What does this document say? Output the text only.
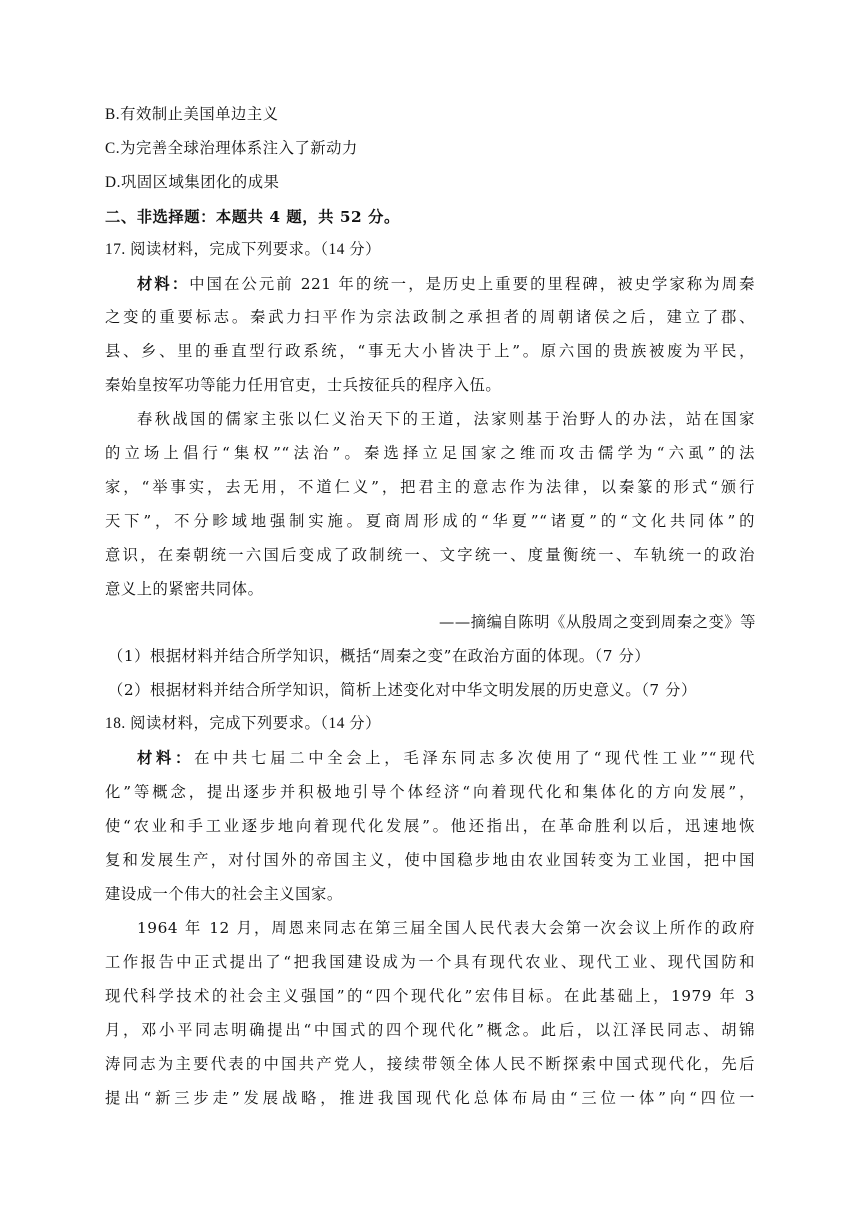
B.有效制止美国单边主义
C.为完善全球治理体系注入了新动力
D.巩固区域集团化的成果
二、非选择题：本题共 4 题，共 52 分。
17. 阅读材料，完成下列要求。（14 分）
材料：中国在公元前 221 年的统一，是历史上重要的里程碑，被史学家称为周秦
之变的重要标志。秦武力扫平作为宗法政制之承担者的周朝诸侯之后，建立了郡、
县、乡、里的垂直型行政系统，“事无大小皆决于上”。原六国的贵族被废为平民，
秦始皇按军功等能力任用官吏，士兵按征兵的程序入伍。
春秋战国的儒家主张以仁义治天下的王道，法家则基于治野人的办法，站在国家
的立场上倡行“集权”“法治”。秦选择立足国家之维而攻击儒学为“六虱”的法
家，“举事实，去无用，不道仁义”，把君主的意志作为法律，以秦篆的形式“颁行
天下”，不分畛域地强制实施。夏商周形成的“华夏”“诸夏”的“文化共同体”的
意识，在秦朝统一六国后变成了政制统一、文字统一、度量衡统一、车轨统一的政治
意义上的紧密共同体。
——摘编自陈明《从殷周之变到周秦之变》等
（1）根据材料并结合所学知识，概括“周秦之变”在政治方面的体现。（7 分）
（2）根据材料并结合所学知识，简析上述变化对中华文明发展的历史意义。（7 分）
18. 阅读材料，完成下列要求。（14 分）
材料：在中共七届二中全会上，毛泽东同志多次使用了“现代性工业”“现代
化”等概念，提出逐步并积极地引导个体经济“向着现代化和集体化的方向发展”，
使“农业和手工业逐步地向着现代化发展”。他还指出，在革命胜利以后，迅速地恢
复和发展生产，对付国外的帝国主义，使中国稳步地由农业国转变为工业国，把中国
建设成一个伟大的社会主义国家。
1964 年 12 月，周恩来同志在第三届全国人民代表大会第一次会议上所作的政府
工作报告中正式提出了“把我国建设成为一个具有现代农业、现代工业、现代国防和
现代科学技术的社会主义强国”的“四个现代化”宏伟目标。在此基础上，1979 年 3
月，邓小平同志明确提出“中国式的四个现代化”概念。此后，以江泽民同志、胡锦
涛同志为主要代表的中国共产党人，接续带领全体人民不断探索中国式现代化，先后
提出“新三步走”发展战略，推进我国现代化总体布局由“三位一体”向“四位一
